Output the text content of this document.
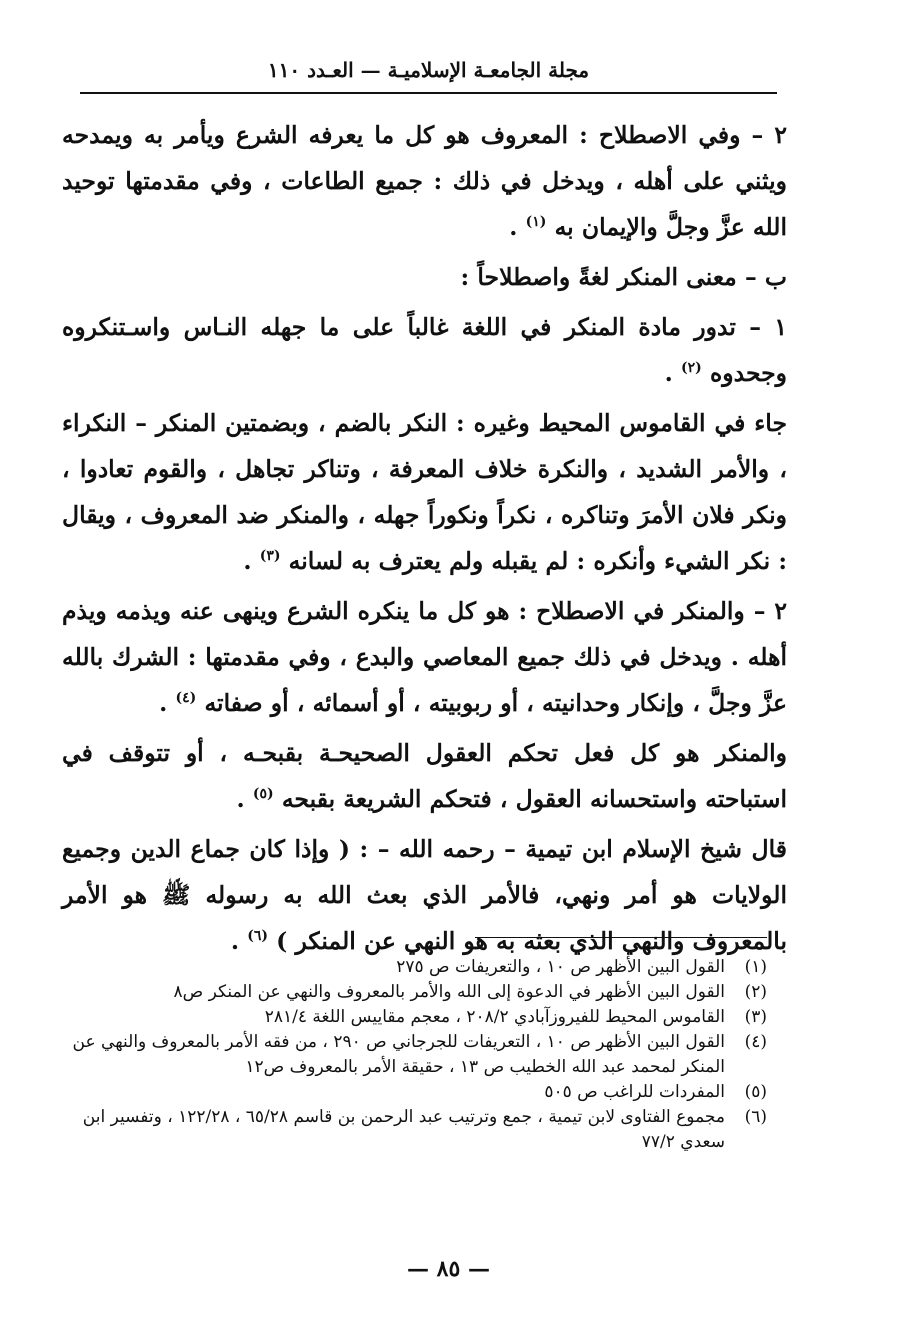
مجلة الجامعـة الإسلاميـة — العـدد ١١٠

٢ – وفي الاصطلاح : المعروف هو كل ما يعرفه الشرع ويأمر به ويمدحه ويثني على أهله ، ويدخل في ذلك : جميع الطاعات ، وفي مقدمتها توحيد الله عزَّ وجلَّ والإيمان به $^{(١)}$ .

ب – معنى المنكر لغةً واصطلاحاً :

١ – تدور مادة المنكر في اللغة غالباً على ما جهله النـاس واسـتنكروه وجحدوه $^{(٢)}$ .

جاء في القاموس المحيط وغيره : النكر بالضم ، وبضمتين المنكر – النكراء ، والأمر الشديد ، والنكرة خلاف المعرفة ، وتناكر تجاهل ، والقوم تعادوا ، ونكر فلان الأمرَ وتناكره ، نكراً ونكوراً جهله ، والمنكر ضد المعروف ، ويقال : نكر الشيء وأنكره : لم يقبله ولم يعترف به لسانه $^{(٣)}$ .

٢ – والمنكر في الاصطلاح : هو كل ما ينكره الشرع وينهى عنه ويذمه ويذم أهله . ويدخل في ذلك جميع المعاصي والبدع ، وفي مقدمتها : الشرك بالله عزَّ وجلَّ ، وإنكار وحدانيته ، أو ربوبيته ، أو أسمائه ، أو صفاته $^{(٤)}$ .

والمنكر هو كل فعل تحكم العقول الصحيحـة بقبحـه ، أو تتوقف في استباحته واستحسانه العقول ، فتحكم الشريعة بقبحه $^{(٥)}$ .

قال شيخ الإسلام ابن تيمية – رحمه الله – : ( وإذا كان جماع الدين وجميع الولايات هو أمر ونهي، فالأمر الذي بعث الله به رسوله ﷺ هو الأمر بالمعروف والنهي الذي بعثه به هو النهي عن المنكر ) $^{(٦)}$ .

(١)
القول البين الأظهر ص ١٠ ، والتعريفات ص ٢٧٥
(٢)
القول البين الأظهر في الدعوة إلى الله والأمر بالمعروف والنهي عن المنكر ص٨
(٣)
القاموس المحيط للفيروزآبادي ٢٠٨/٢ ، معجم مقاييس اللغة ٢٨١/٤
(٤)
القول البين الأظهر ص ١٠ ، التعريفات للجرجاني ص ٢٩٠ ، من فقه الأمر بالمعروف والنهي عن المنكر لمحمد عبد الله الخطيب ص ١٣ ، حقيقة الأمر بالمعروف ص١٢
(٥)
المفردات للراغب ص ٥٠٥
(٦)
مجموع الفتاوى لابن تيمية ، جمع وترتيب عبد الرحمن بن قاسم ٦٥/٢٨ ، ١٢٢/٢٨ ، وتفسير ابن سعدي ٧٧/٢
— ٨٥ —
